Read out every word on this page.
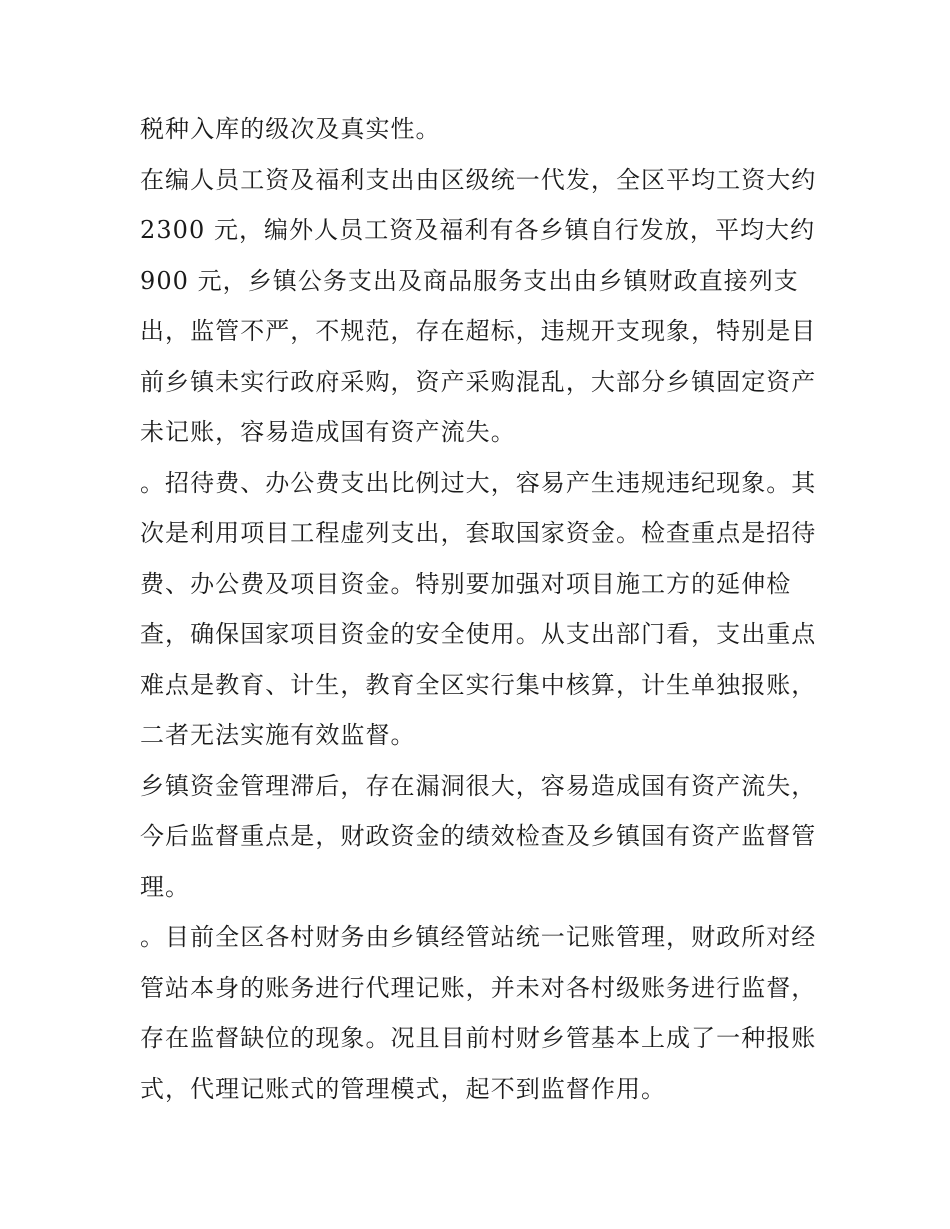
税种入库的级次及真实性。

在编人员工资及福利支出由区级统一代发，全区平均工资大约
2300 元，编外人员工资及福利有各乡镇自行发放，平均大约
900 元，乡镇公务支出及商品服务支出由乡镇财政直接列支
出，监管不严，不规范，存在超标，违规开支现象，特别是目
前乡镇未实行政府采购，资产采购混乱，大部分乡镇固定资产
未记账，容易造成国有资产流失。

。招待费、办公费支出比例过大，容易产生违规违纪现象。其
次是利用项目工程虚列支出，套取国家资金。检查重点是招待
费、办公费及项目资金。特别要加强对项目施工方的延伸检
查，确保国家项目资金的安全使用。从支出部门看，支出重点
难点是教育、计生，教育全区实行集中核算，计生单独报账，
二者无法实施有效监督。

乡镇资金管理滞后，存在漏洞很大，容易造成国有资产流失，
今后监督重点是，财政资金的绩效检查及乡镇国有资产监督管
理。

。目前全区各村财务由乡镇经管站统一记账管理，财政所对经
管站本身的账务进行代理记账，并未对各村级账务进行监督，
存在监督缺位的现象。况且目前村财乡管基本上成了一种报账
式，代理记账式的管理模式，起不到监督作用。
